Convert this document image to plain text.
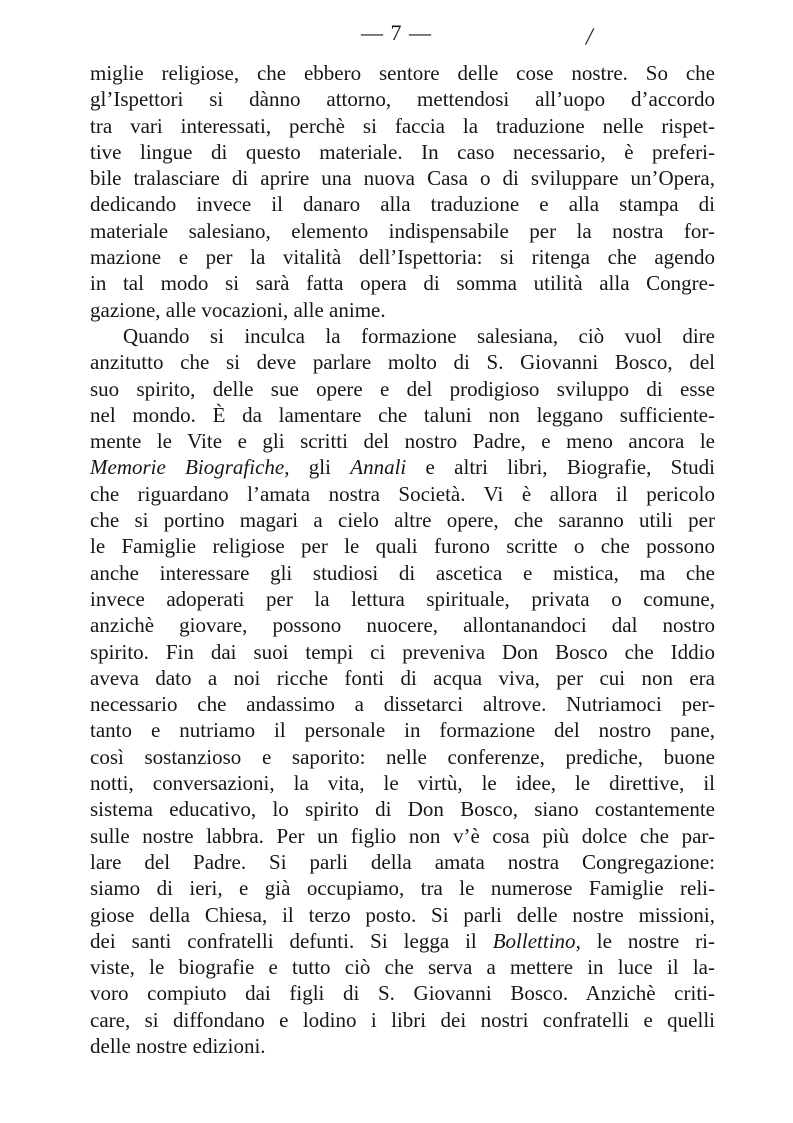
— 7 —	/
miglie religiose, che ebbero sentore delle cose nostre. So che
gl’Ispettori si dànno attorno, mettendosi all’uopo d’accordo
tra vari interessati, perchè si faccia la traduzione nelle rispet-
tive lingue di questo materiale. In caso necessario, è preferi-
bile tralasciare di aprire una nuova Casa o di sviluppare un’Opera,
dedicando invece il danaro alla traduzione e alla stampa di
materiale salesiano, elemento indispensabile per la nostra for-
mazione e per la vitalità dell’Ispettoria: si ritenga che agendo
in tal modo si sarà fatta opera di somma utilità alla Congre-
gazione, alle vocazioni, alle anime.
Quando si inculca la formazione salesiana, ciò vuol dire
anzitutto che si deve parlare molto di S. Giovanni Bosco, del
suo spirito, delle sue opere e del prodigioso sviluppo di esse
nel mondo. È da lamentare che taluni non leggano sufficiente-
mente le Vite e gli scritti del nostro Padre, e meno ancora le
Memorie Biografiche, gli Annali e altri libri, Biografie, Studi
che riguardano l’amata nostra Società. Vi è allora il pericolo
che si portino magari a cielo altre opere, che saranno utili per
le Famiglie religiose per le quali furono scritte o che possono
anche interessare gli studiosi di ascetica e mistica, ma che
invece adoperati per la lettura spirituale, privata o comune,
anzichè giovare, possono nuocere, allontanandoci dal nostro
spirito. Fin dai suoi tempi ci preveniva Don Bosco che Iddio
aveva dato a noi ricche fonti di acqua viva, per cui non era
necessario che andassimo a dissetarci altrove. Nutriamoci per-
tanto e nutriamo il personale in formazione del nostro pane,
così sostanzioso e saporito: nelle conferenze, prediche, buone
notti, conversazioni, la vita, le virtù, le idee, le direttive, il
sistema educativo, lo spirito di Don Bosco, siano costantemente
sulle nostre labbra. Per un figlio non v’è cosa più dolce che par-
lare del Padre. Si parli della amata nostra Congregazione:
siamo di ieri, e già occupiamo, tra le numerose Famiglie reli-
giose della Chiesa, il terzo posto. Si parli delle nostre missioni,
dei santi confratelli defunti. Si legga il Bollettino, le nostre ri-
viste, le biografie e tutto ciò che serva a mettere in luce il la-
voro compiuto dai figli di S. Giovanni Bosco. Anzichè criti-
care, si diffondano e lodino i libri dei nostri confratelli e quelli
delle nostre edizioni.
